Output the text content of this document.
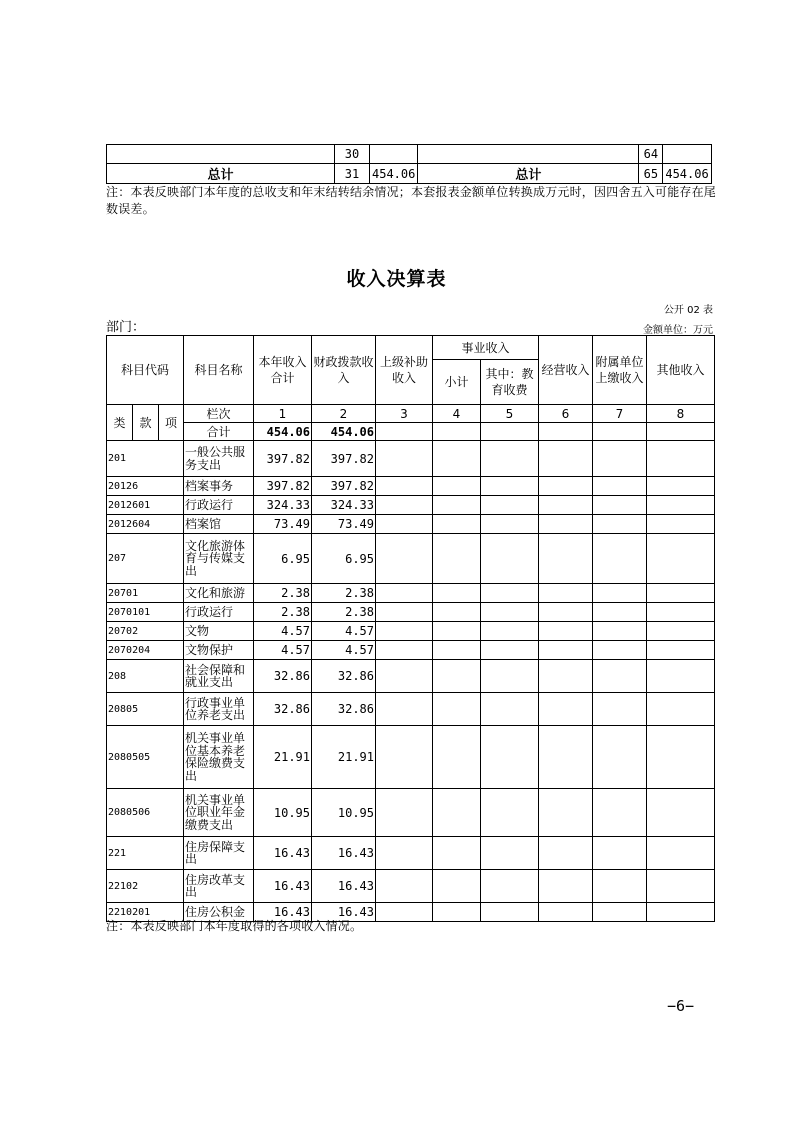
	30			64	
总计	31	454.06	总计	65	454.06
注：本表反映部门本年度的总收支和年末结转结余情况；本套报表金额单位转换成万元时，因四舍五入可能存在尾数误差。
收入决算表
公开 02 表
部门：	金额单位：万元
科目代码			科目名称	本年收入合计	财政拨款收入	上级补助收入	事业收入		经营收入	附属单位上缴收入	其他收入
							小计	其中：教育收费			
类	款	项	栏次	1	2	3	4	5	6	7	8
			合计	454.06	454.06						
201			一般公共服务支出	397.82	397.82						
20126			档案事务	397.82	397.82						
2012601			行政运行	324.33	324.33						
2012604			档案馆	73.49	73.49						
207			文化旅游体育与传媒支出	6.95	6.95						
20701			文化和旅游	2.38	2.38						
2070101			行政运行	2.38	2.38						
20702			文物	4.57	4.57						
2070204			文物保护	4.57	4.57						
208			社会保障和就业支出	32.86	32.86						
20805			行政事业单位养老支出	32.86	32.86						
2080505			机关事业单位基本养老保险缴费支出	21.91	21.91						
2080506			机关事业单位职业年金缴费支出	10.95	10.95						
221			住房保障支出	16.43	16.43						
22102			住房改革支出	16.43	16.43						
2210201			住房公积金	16.43	16.43						
注：本表反映部门本年度取得的各项收入情况。
−6−
